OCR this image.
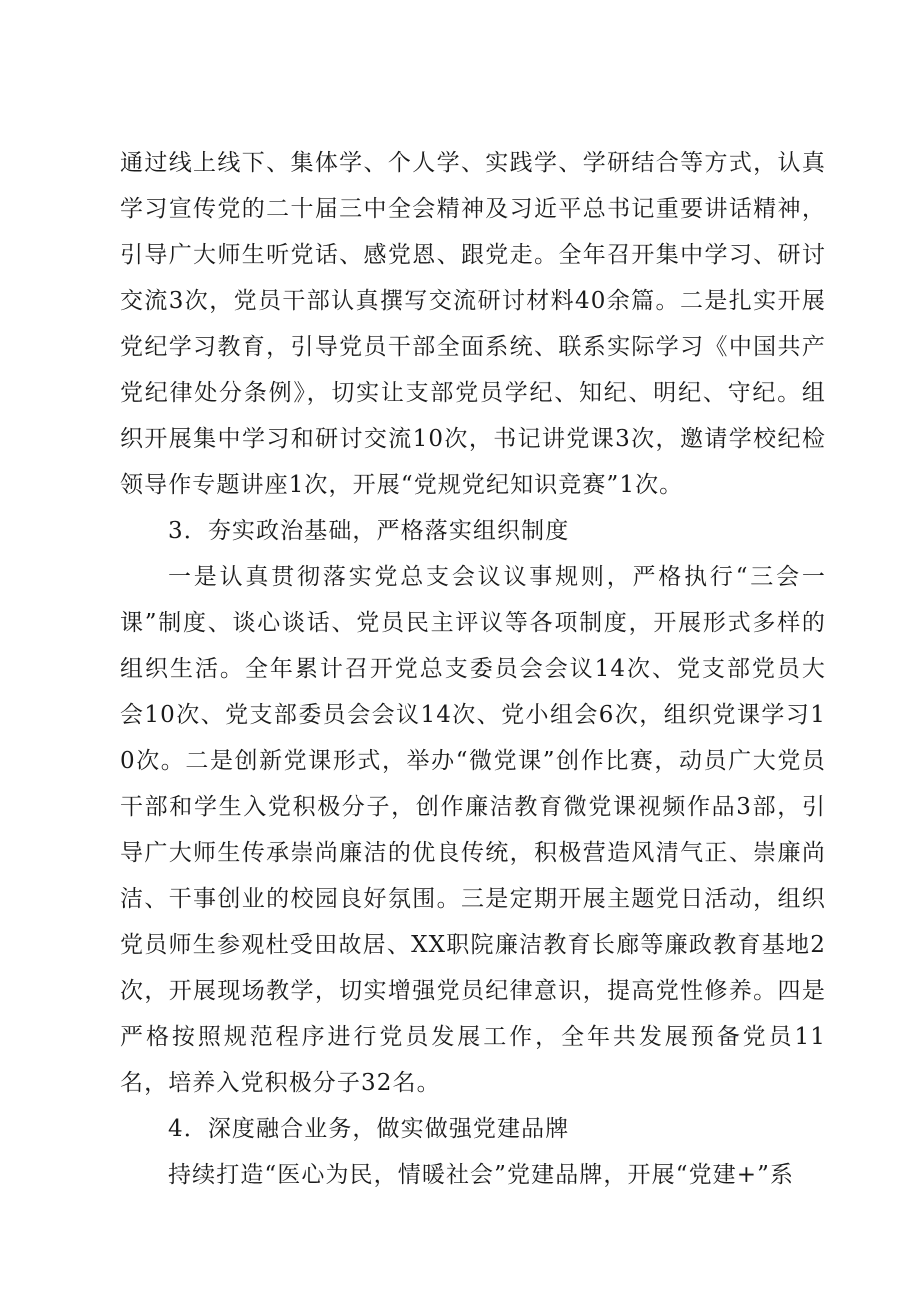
通过线上线下、集体学、个人学、实践学、学研结合等方式，认真学习宣传党的二十届三中全会精神及习近平总书记重要讲话精神，引导广大师生听党话、感党恩、跟党走。全年召开集中学习、研讨交流3次，党员干部认真撰写交流研讨材料40余篇。二是扎实开展党纪学习教育，引导党员干部全面系统、联系实际学习《中国共产党纪律处分条例》，切实让支部党员学纪、知纪、明纪、守纪。组织开展集中学习和研讨交流10次，书记讲党课3次，邀请学校纪检领导作专题讲座1次，开展“党规党纪知识竞赛”1次。

3．夯实政治基础，严格落实组织制度

一是认真贯彻落实党总支会议议事规则，严格执行“三会一课”制度、谈心谈话、党员民主评议等各项制度，开展形式多样的组织生活。全年累计召开党总支委员会会议14次、党支部党员大会10次、党支部委员会会议14次、党小组会6次，组织党课学习10次。二是创新党课形式，举办“微党课”创作比赛，动员广大党员干部和学生入党积极分子，创作廉洁教育微党课视频作品3部，引导广大师生传承崇尚廉洁的优良传统，积极营造风清气正、崇廉尚洁、干事创业的校园良好氛围。三是定期开展主题党日活动，组织党员师生参观杜受田故居、XX职院廉洁教育长廊等廉政教育基地2次，开展现场教学，切实增强党员纪律意识，提高党性修养。四是严格按照规范程序进行党员发展工作，全年共发展预备党员11名，培养入党积极分子32名。

4．深度融合业务，做实做强党建品牌

持续打造“医心为民，情暖社会”党建品牌，开展“党建+”系
